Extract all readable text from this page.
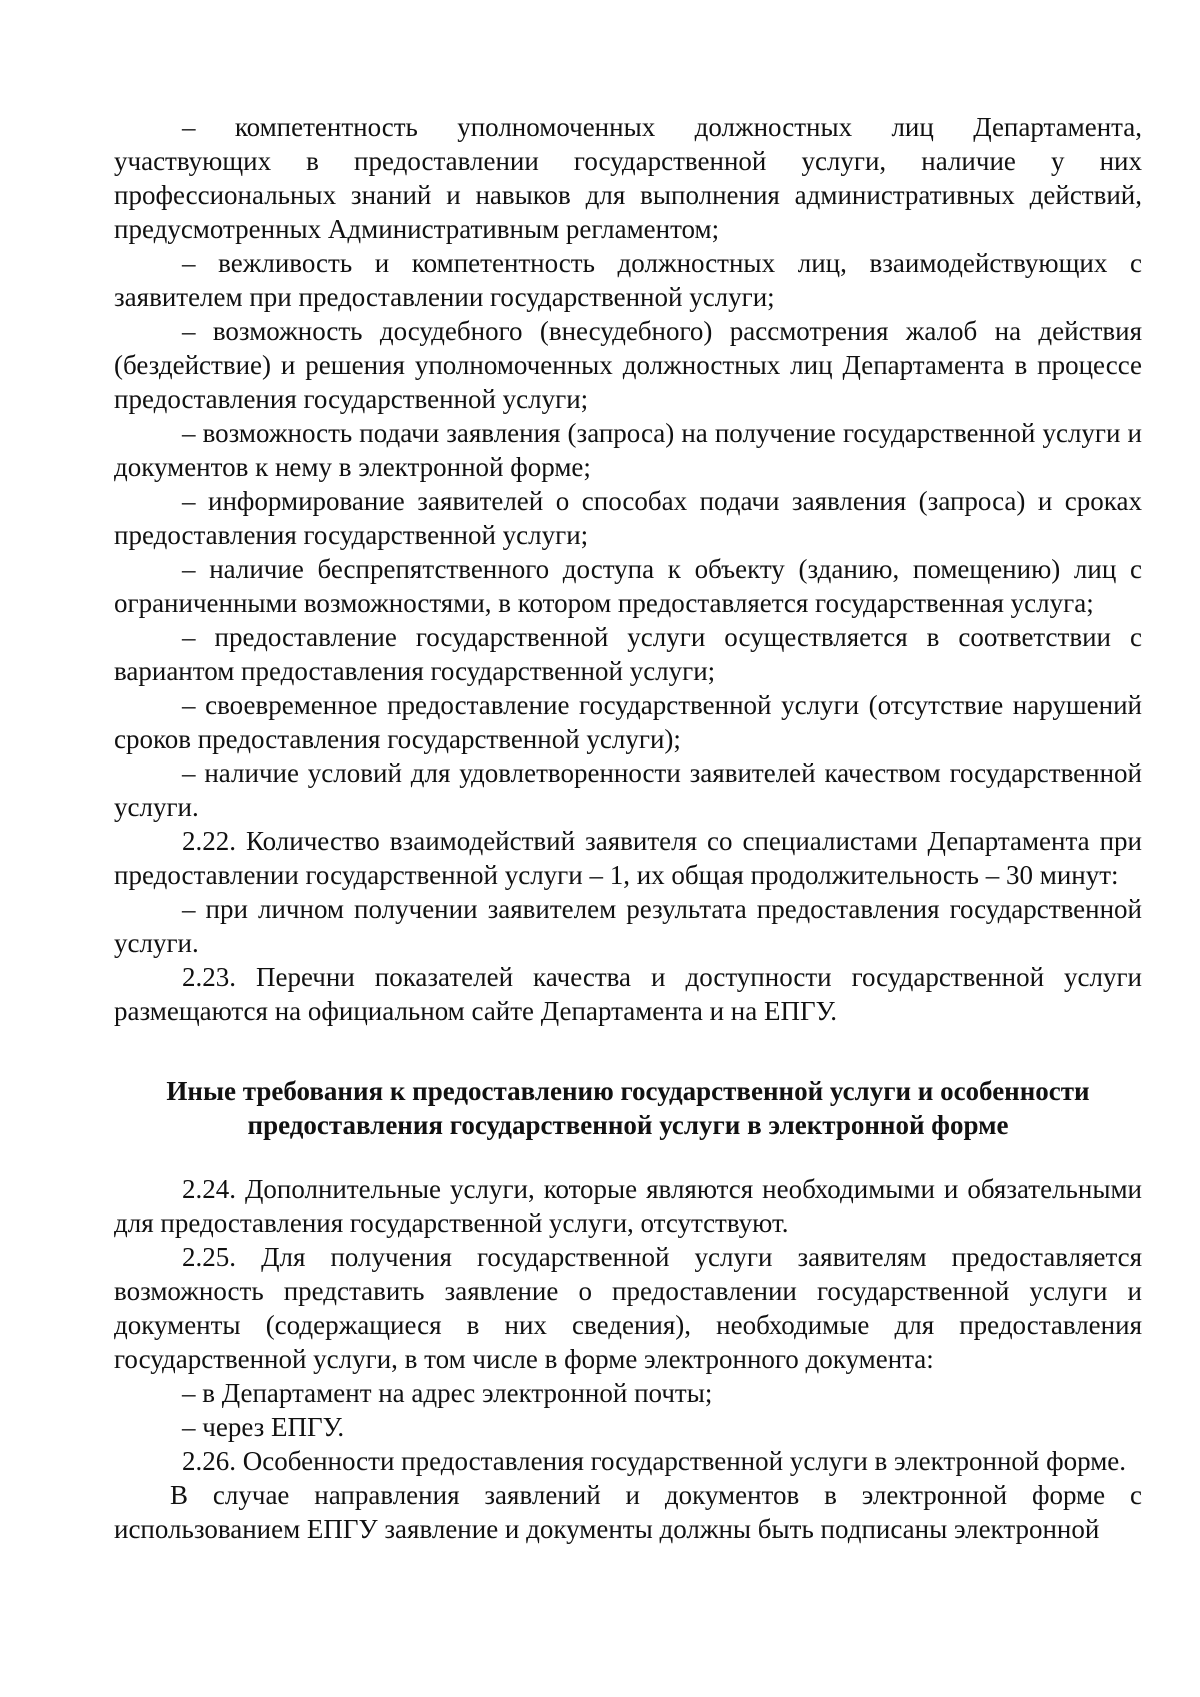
– компетентность уполномоченных должностных лиц Департамента, участвующих в предоставлении государственной услуги, наличие у них профессиональных знаний и навыков для выполнения административных действий, предусмотренных Административным регламентом;

– вежливость и компетентность должностных лиц, взаимодействующих с заявителем при предоставлении государственной услуги;

– возможность досудебного (внесудебного) рассмотрения жалоб на действия (бездействие) и решения уполномоченных должностных лиц Департамента в процессе предоставления государственной услуги;

– возможность подачи заявления (запроса) на получение государственной услуги и документов к нему в электронной форме;

– информирование заявителей о способах подачи заявления (запроса) и сроках предоставления государственной услуги;

– наличие беспрепятственного доступа к объекту (зданию, помещению) лиц с ограниченными возможностями, в котором предоставляется государственная услуга;

– предоставление государственной услуги осуществляется в соответствии с вариантом предоставления государственной услуги;

– своевременное предоставление государственной услуги (отсутствие нарушений сроков предоставления государственной услуги);

– наличие условий для удовлетворенности заявителей качеством государственной услуги.

2.22. Количество взаимодействий заявителя со специалистами Департамента при предоставлении государственной услуги – 1, их общая продолжительность – 30 минут:

– при личном получении заявителем результата предоставления государственной услуги.

2.23. Перечни показателей качества и доступности государственной услуги размещаются на официальном сайте Департамента и на ЕПГУ.

Иные требования к предоставлению государственной услуги и особенности
предоставления государственной услуги в электронной форме

2.24. Дополнительные услуги, которые являются необходимыми и обязательными для предоставления государственной услуги, отсутствуют.

2.25. Для получения государственной услуги заявителям предоставляется возможность представить заявление о предоставлении государственной услуги и документы (содержащиеся в них сведения), необходимые для предоставления государственной услуги, в том числе в форме электронного документа:

– в Департамент на адрес электронной почты;

– через ЕПГУ.

2.26. Особенности предоставления государственной услуги в электронной форме.

В случае направления заявлений и документов в электронной форме с использованием ЕПГУ заявление и документы должны быть подписаны электронной
